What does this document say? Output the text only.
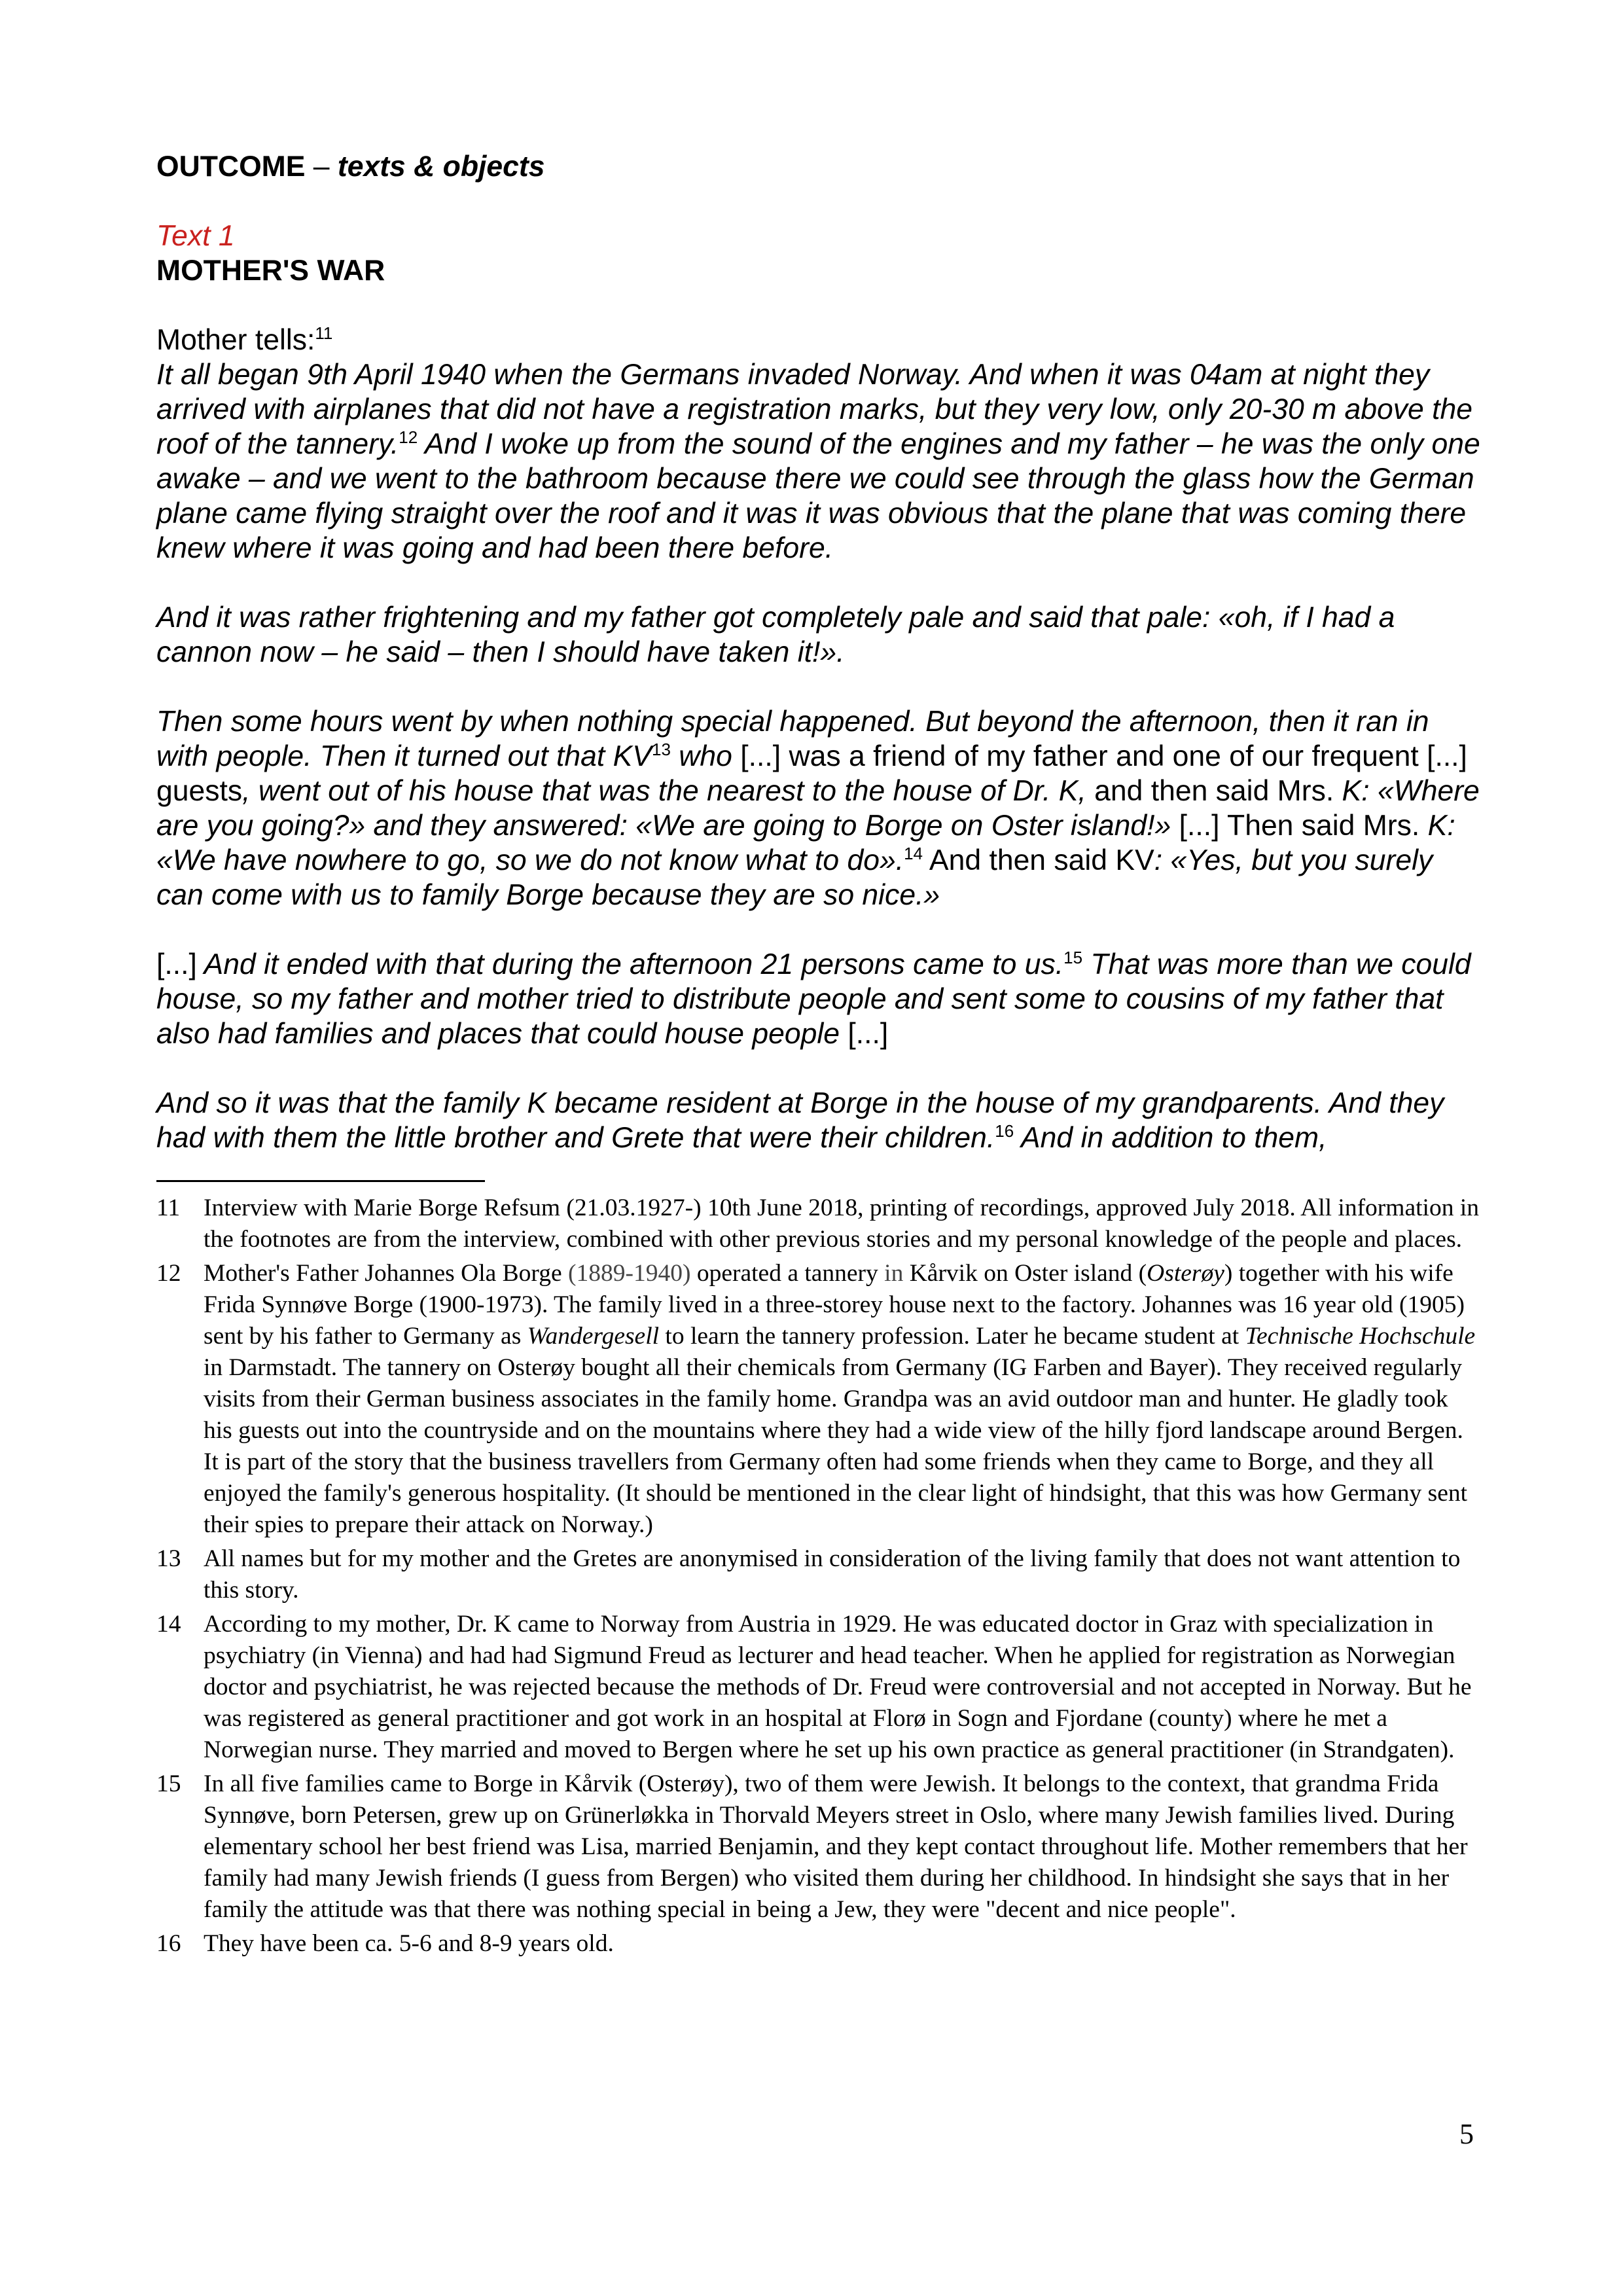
OUTCOME – texts & objects

Text 1

MOTHER'S WAR

Mother tells:$^{11}$

It all began 9th April 1940 when the Germans invaded Norway. And when it was 04am at night they arrived with airplanes that did not have a registration marks, but they very low, only 20-30 m above the roof of the tannery.$^{12}$ And I woke up from the sound of the engines and my father – he was the only one awake – and we went to the bathroom because there we could see through the glass how the German plane came flying straight over the roof and it was it was obvious that the plane that was coming there knew where it was going and had been there before.

And it was rather frightening and my father got completely pale and said that pale: «oh, if I had a cannon now – he said – then I should have taken it!».

Then some hours went by when nothing special happened. But beyond the afternoon, then it ran in with people. Then it turned out that KV$^{13}$ who [...] was a friend of my father and one of our frequent [...] guests, went out of his house that was the nearest to the house of Dr. K, and then said Mrs. K: «Where are you going?» and they answered: «We are going to Borge on Oster island!» [...] Then said Mrs. K: «We have nowhere to go, so we do not know what to do».$^{14}$ And then said KV: «Yes, but you surely can come with us to family Borge because they are so nice.»

[...] And it ended with that during the afternoon 21 persons came to us.$^{15}$ That was more than we could house, so my father and mother tried to distribute people and sent some to cousins of my father that also had families and places that could house people [...]

And so it was that the family K became resident at Borge in the house of my grandparents. And they had with them the little brother and Grete that were their children.$^{16}$ And in addition to them,

11 Interview with Marie Borge Refsum (21.03.1927-) 10th June 2018, printing of recordings, approved July 2018. All information in the footnotes are from the interview, combined with other previous stories and my personal knowledge of the people and places.
12 Mother's Father Johannes Ola Borge (1889-1940) operated a tannery in Kårvik on Oster island (Osterøy) together with his wife Frida Synnøve Borge (1900-1973). The family lived in a three-storey house next to the factory. Johannes was 16 year old (1905) sent by his father to Germany as Wandergesell to learn the tannery profession. Later he became student at Technische Hochschule in Darmstadt. The tannery on Osterøy bought all their chemicals from Germany (IG Farben and Bayer). They received regularly visits from their German business associates in the family home. Grandpa was an avid outdoor man and hunter. He gladly took his guests out into the countryside and on the mountains where they had a wide view of the hilly fjord landscape around Bergen. It is part of the story that the business travellers from Germany often had some friends when they came to Borge, and they all enjoyed the family's generous hospitality. (It should be mentioned in the clear light of hindsight, that this was how Germany sent their spies to prepare their attack on Norway.)
13 All names but for my mother and the Gretes are anonymised in consideration of the living family that does not want attention to this story.
14 According to my mother, Dr. K came to Norway from Austria in 1929. He was educated doctor in Graz with specialization in psychiatry (in Vienna) and had had Sigmund Freud as lecturer and head teacher. When he applied for registration as Norwegian doctor and psychiatrist, he was rejected because the methods of Dr. Freud were controversial and not accepted in Norway. But he was registered as general practitioner and got work in an hospital at Florø in Sogn and Fjordane (county) where he met a Norwegian nurse. They married and moved to Bergen where he set up his own practice as general practitioner (in Strandgaten).
15 In all five families came to Borge in Kårvik (Osterøy), two of them were Jewish. It belongs to the context, that grandma Frida Synnøve, born Petersen, grew up on Grünerløkka in Thorvald Meyers street in Oslo, where many Jewish families lived. During elementary school her best friend was Lisa, married Benjamin, and they kept contact throughout life. Mother remembers that her family had many Jewish friends (I guess from Bergen) who visited them during her childhood. In hindsight she says that in her family the attitude was that there was nothing special in being a Jew, they were "decent and nice people".
16 They have been ca. 5-6 and 8-9 years old.
5
